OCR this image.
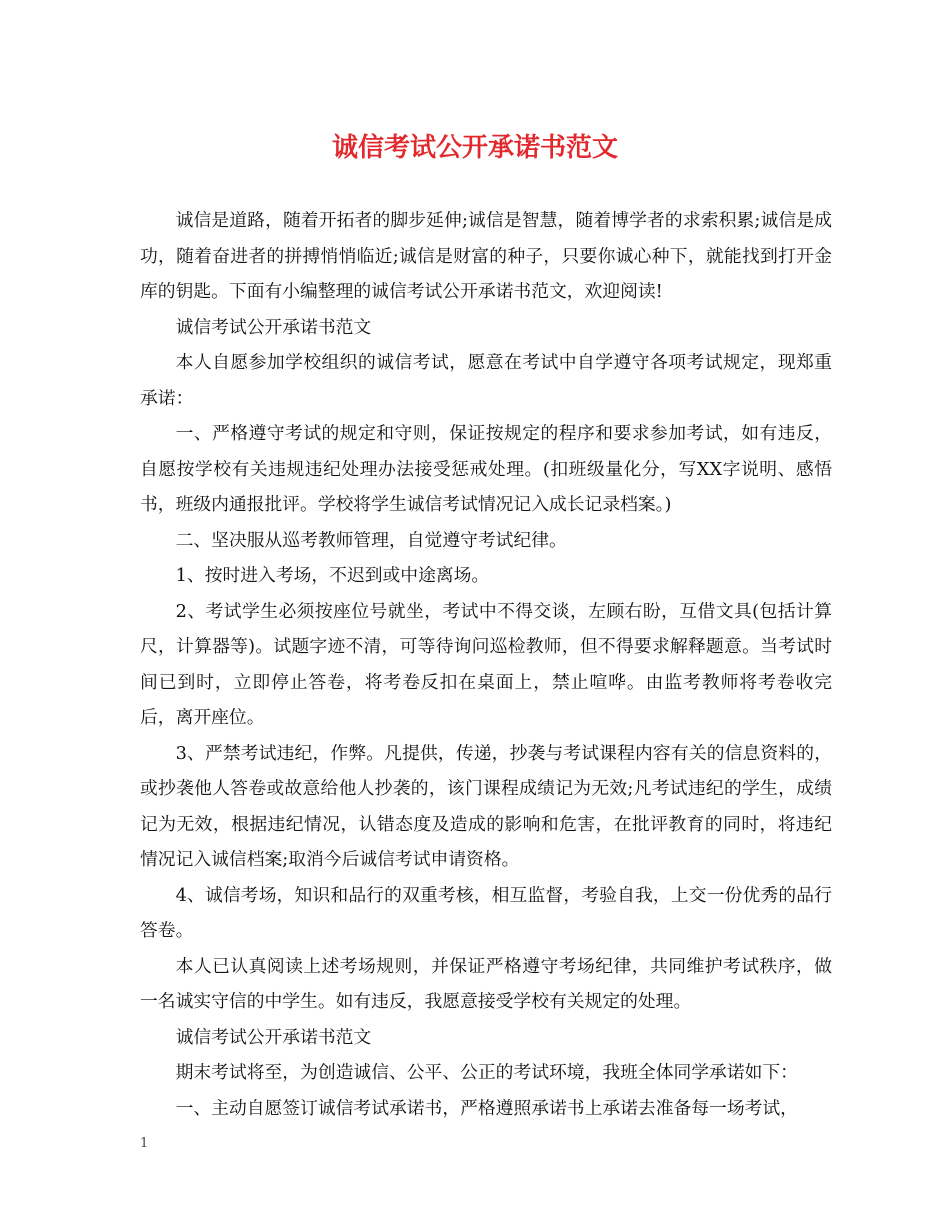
诚信考试公开承诺书范文

诚信是道路，随着开拓者的脚步延伸;诚信是智慧，随着博学者的求索积累;诚信是成功，随着奋进者的拼搏悄悄临近;诚信是财富的种子，只要你诚心种下，就能找到打开金库的钥匙。下面有小编整理的诚信考试公开承诺书范文，欢迎阅读!

诚信考试公开承诺书范文

本人自愿参加学校组织的诚信考试，愿意在考试中自学遵守各项考试规定，现郑重承诺：

一、严格遵守考试的规定和守则，保证按规定的程序和要求参加考试，如有违反，自愿按学校有关违规违纪处理办法接受惩戒处理。(扣班级量化分，写XX字说明、感悟书，班级内通报批评。学校将学生诚信考试情况记入成长记录档案。)

二、坚决服从巡考教师管理，自觉遵守考试纪律。

1、按时进入考场，不迟到或中途离场。

2、考试学生必须按座位号就坐，考试中不得交谈，左顾右盼，互借文具(包括计算尺，计算器等)。试题字迹不清，可等待询问巡检教师，但不得要求解释题意。当考试时间已到时，立即停止答卷，将考卷反扣在桌面上，禁止喧哗。由监考教师将考卷收完后，离开座位。

3、严禁考试违纪，作弊。凡提供，传递，抄袭与考试课程内容有关的信息资料的，或抄袭他人答卷或故意给他人抄袭的，该门课程成绩记为无效;凡考试违纪的学生，成绩记为无效，根据违纪情况，认错态度及造成的影响和危害，在批评教育的同时，将违纪情况记入诚信档案;取消今后诚信考试申请资格。

4、诚信考场，知识和品行的双重考核，相互监督，考验自我，上交一份优秀的品行答卷。

本人已认真阅读上述考场规则，并保证严格遵守考场纪律，共同维护考试秩序，做一名诚实守信的中学生。如有违反，我愿意接受学校有关规定的处理。

诚信考试公开承诺书范文

期末考试将至，为创造诚信、公平、公正的考试环境，我班全体同学承诺如下：

一、主动自愿签订诚信考试承诺书，严格遵照承诺书上承诺去准备每一场考试，

1
